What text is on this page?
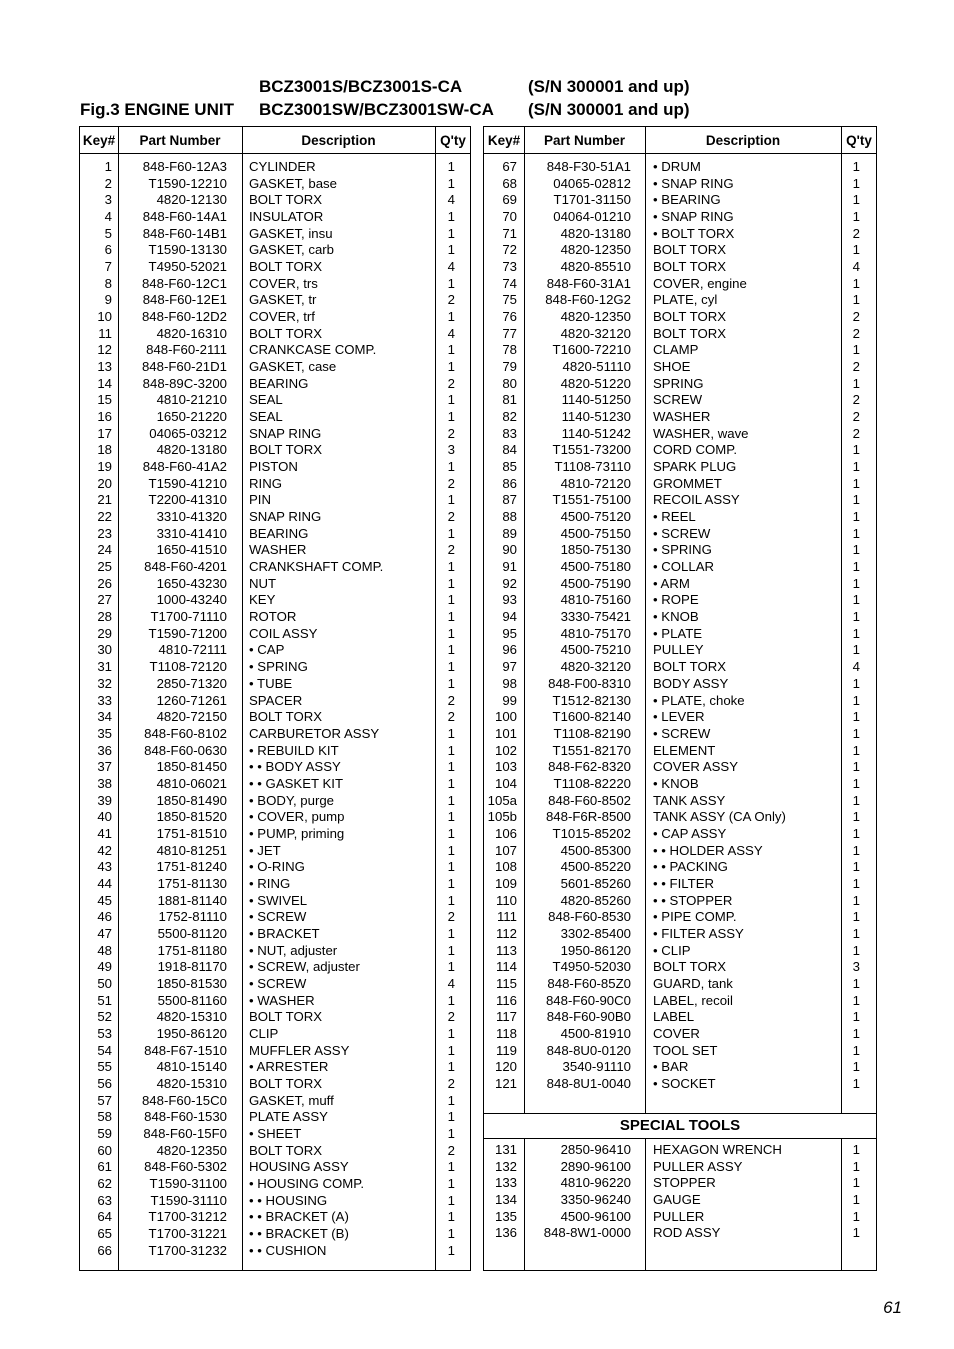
BCZ3001S/BCZ3001S-CA	(S/N 300001 and up)
Fig.3 ENGINE UNIT BCZ3001SW/BCZ3001SW-CA (S/N 300001 and up)
Key#	Part Number	Description	Q'ty
1 848-F60-12A3 CYLINDER	1
2	T1590-12210 GASKET, base	1
3	4820-12130 BOLT TORX	4
4 848-F60-14A1 INSULATOR	1
5 848-F60-14B1 GASKET, insu	1
6	T1590-13130 GASKET, carb	1
7	T4950-52021 BOLT TORX	4
8 848-F60-12C1 COVER, trs	1
9 848-F60-12E1 GASKET, tr	2
10 848-F60-12D2 COVER, trf	1
11	4820-16310 BOLT TORX	4
12	848-F60-2111 CRANKCASE COMP.	1
13 848-F60-21D1 GASKET, case	1
14 848-89C-3200 BEARING	2
15	4810-21210 SEAL	1
16	1650-21220 SEAL	1
17	04065-03212 SNAP RING	2
18	4820-13180 BOLT TORX	3
19 848-F60-41A2 PISTON	1
20	T1590-41210 RING	2
21	T2200-41310 PIN	1
22	3310-41320 SNAP RING	2
23	3310-41410 BEARING	1
24	1650-41510 WASHER	2
25 848-F60-4201 CRANKSHAFT COMP.	1
26	1650-43230 NUT	1
27	1000-43240 KEY	1
28	T1700-71110 ROTOR	1
29	T1590-71200 COIL ASSY	1
30	4810-72111 • CAP	1
31	T1108-72120 • SPRING	1
32	2850-71320 • TUBE	1
33	1260-71261 SPACER	2
34	4820-72150 BOLT TORX	2
35 848-F60-8102 CARBURETOR ASSY	1
36 848-F60-0630 • REBUILD KIT	1
37	1850-81450 • • BODY ASSY	1
38	4810-06021 • • GASKET KIT	1
39	1850-81490 • BODY, purge	1
40	1850-81520 • COVER, pump	1
41	1751-81510 • PUMP, priming	1
42	4810-81251 • JET	1
43	1751-81240 • O-RING	1
44	1751-81130 • RING	1
45	1881-81140 • SWIVEL	1
46	1752-81110 • SCREW	2
47	5500-81120 • BRACKET	1
48	1751-81180 • NUT, adjuster	1
49	1918-81170 • SCREW, adjuster	1
50	1850-81530 • SCREW	4
51	5500-81160 • WASHER	1
52	4820-15310 BOLT TORX	2
53	1950-86120 CLIP	1
54 848-F67-1510 MUFFLER ASSY	1
55	4810-15140 • ARRESTER	1
56	4820-15310 BOLT TORX	2
57 848-F60-15C0 GASKET, muff	1
58 848-F60-1530 PLATE ASSY	1
59 848-F60-15F0 • SHEET	1
60	4820-12350 BOLT TORX	2
61 848-F60-5302 HOUSING ASSY	1
62	T1590-31100 • HOUSING COMP.	1
63	T1590-31110 • • HOUSING	1
64	T1700-31212 • • BRACKET (A)	1
65	T1700-31221 • • BRACKET (B)	1
66	T1700-31232 • • CUSHION	1
Key#	Part Number	Description	Q'ty
67 848-F30-51A1 • DRUM	1
68	04065-02812 • SNAP RING	1
69	T1701-31150 • BEARING	1
70	04064-01210 • SNAP RING	1
71	4820-13180 • BOLT TORX	2
72	4820-12350 BOLT TORX	1
73	4820-85510 BOLT TORX	4
74 848-F60-31A1 COVER, engine	1
75 848-F60-12G2 PLATE, cyl	1
76	4820-12350 BOLT TORX	2
77	4820-32120 BOLT TORX	2
78	T1600-72210 CLAMP	1
79	4820-51110 SHOE	2
80	4820-51220 SPRING	1
81	1140-51250 SCREW	2
82	1140-51230 WASHER	2
83	1140-51242 WASHER, wave	2
84	T1551-73200 CORD COMP.	1
85	T1108-73110 SPARK PLUG	1
86	4810-72120 GROMMET	1
87	T1551-75100 RECOIL ASSY	1
88	4500-75120 • REEL	1
89	4500-75150 • SCREW	1
90	1850-75130 • SPRING	1
91	4500-75180 • COLLAR	1
92	4500-75190 • ARM	1
93	4810-75160 • ROPE	1
94	3330-75421 • KNOB	1
95	4810-75170 • PLATE	1
96	4500-75210 PULLEY	1
97	4820-32120 BOLT TORX	4
98 848-F00-8310 BODY ASSY	1
99	T1512-82130 • PLATE, choke	1
100	T1600-82140 • LEVER	1
101	T1108-82190 • SCREW	1
102	T1551-82170 ELEMENT	1
103 848-F62-8320 COVER ASSY	1
104	T1108-82220 • KNOB	1
105a 848-F60-8502 TANK ASSY	1
105b 848-F6R-8500 TANK ASSY (CA Only)	1
106	T1015-85202 • CAP ASSY	1
107	4500-85300 • • HOLDER ASSY	1
108	4500-85220 • • PACKING	1
109	5601-85260 • • FILTER	1
110	4820-85260 • • STOPPER	1
111 848-F60-8530 • PIPE COMP.	1
112	3302-85400 • FILTER ASSY	1
113	1950-86120 • CLIP	1
114	T4950-52030 BOLT TORX	3
115 848-F60-85Z0 GUARD, tank	1
116 848-F60-90C0 LABEL, recoil	1
117 848-F60-90B0 LABEL	1
118	4500-81910 COVER	1
119 848-8U0-0120 TOOL SET	1
120	3540-91110 • BAR	1
121 848-8U1-0040 • SOCKET	1
SPECIAL TOOLS
131	2850-96410 HEXAGON WRENCH	1
132	2890-96100 PULLER ASSY	1
133	4810-96220 STOPPER	1
134	3350-96240 GAUGE	1
135	4500-96100 PULLER	1
136 848-8W1-0000 ROD ASSY	1
61
